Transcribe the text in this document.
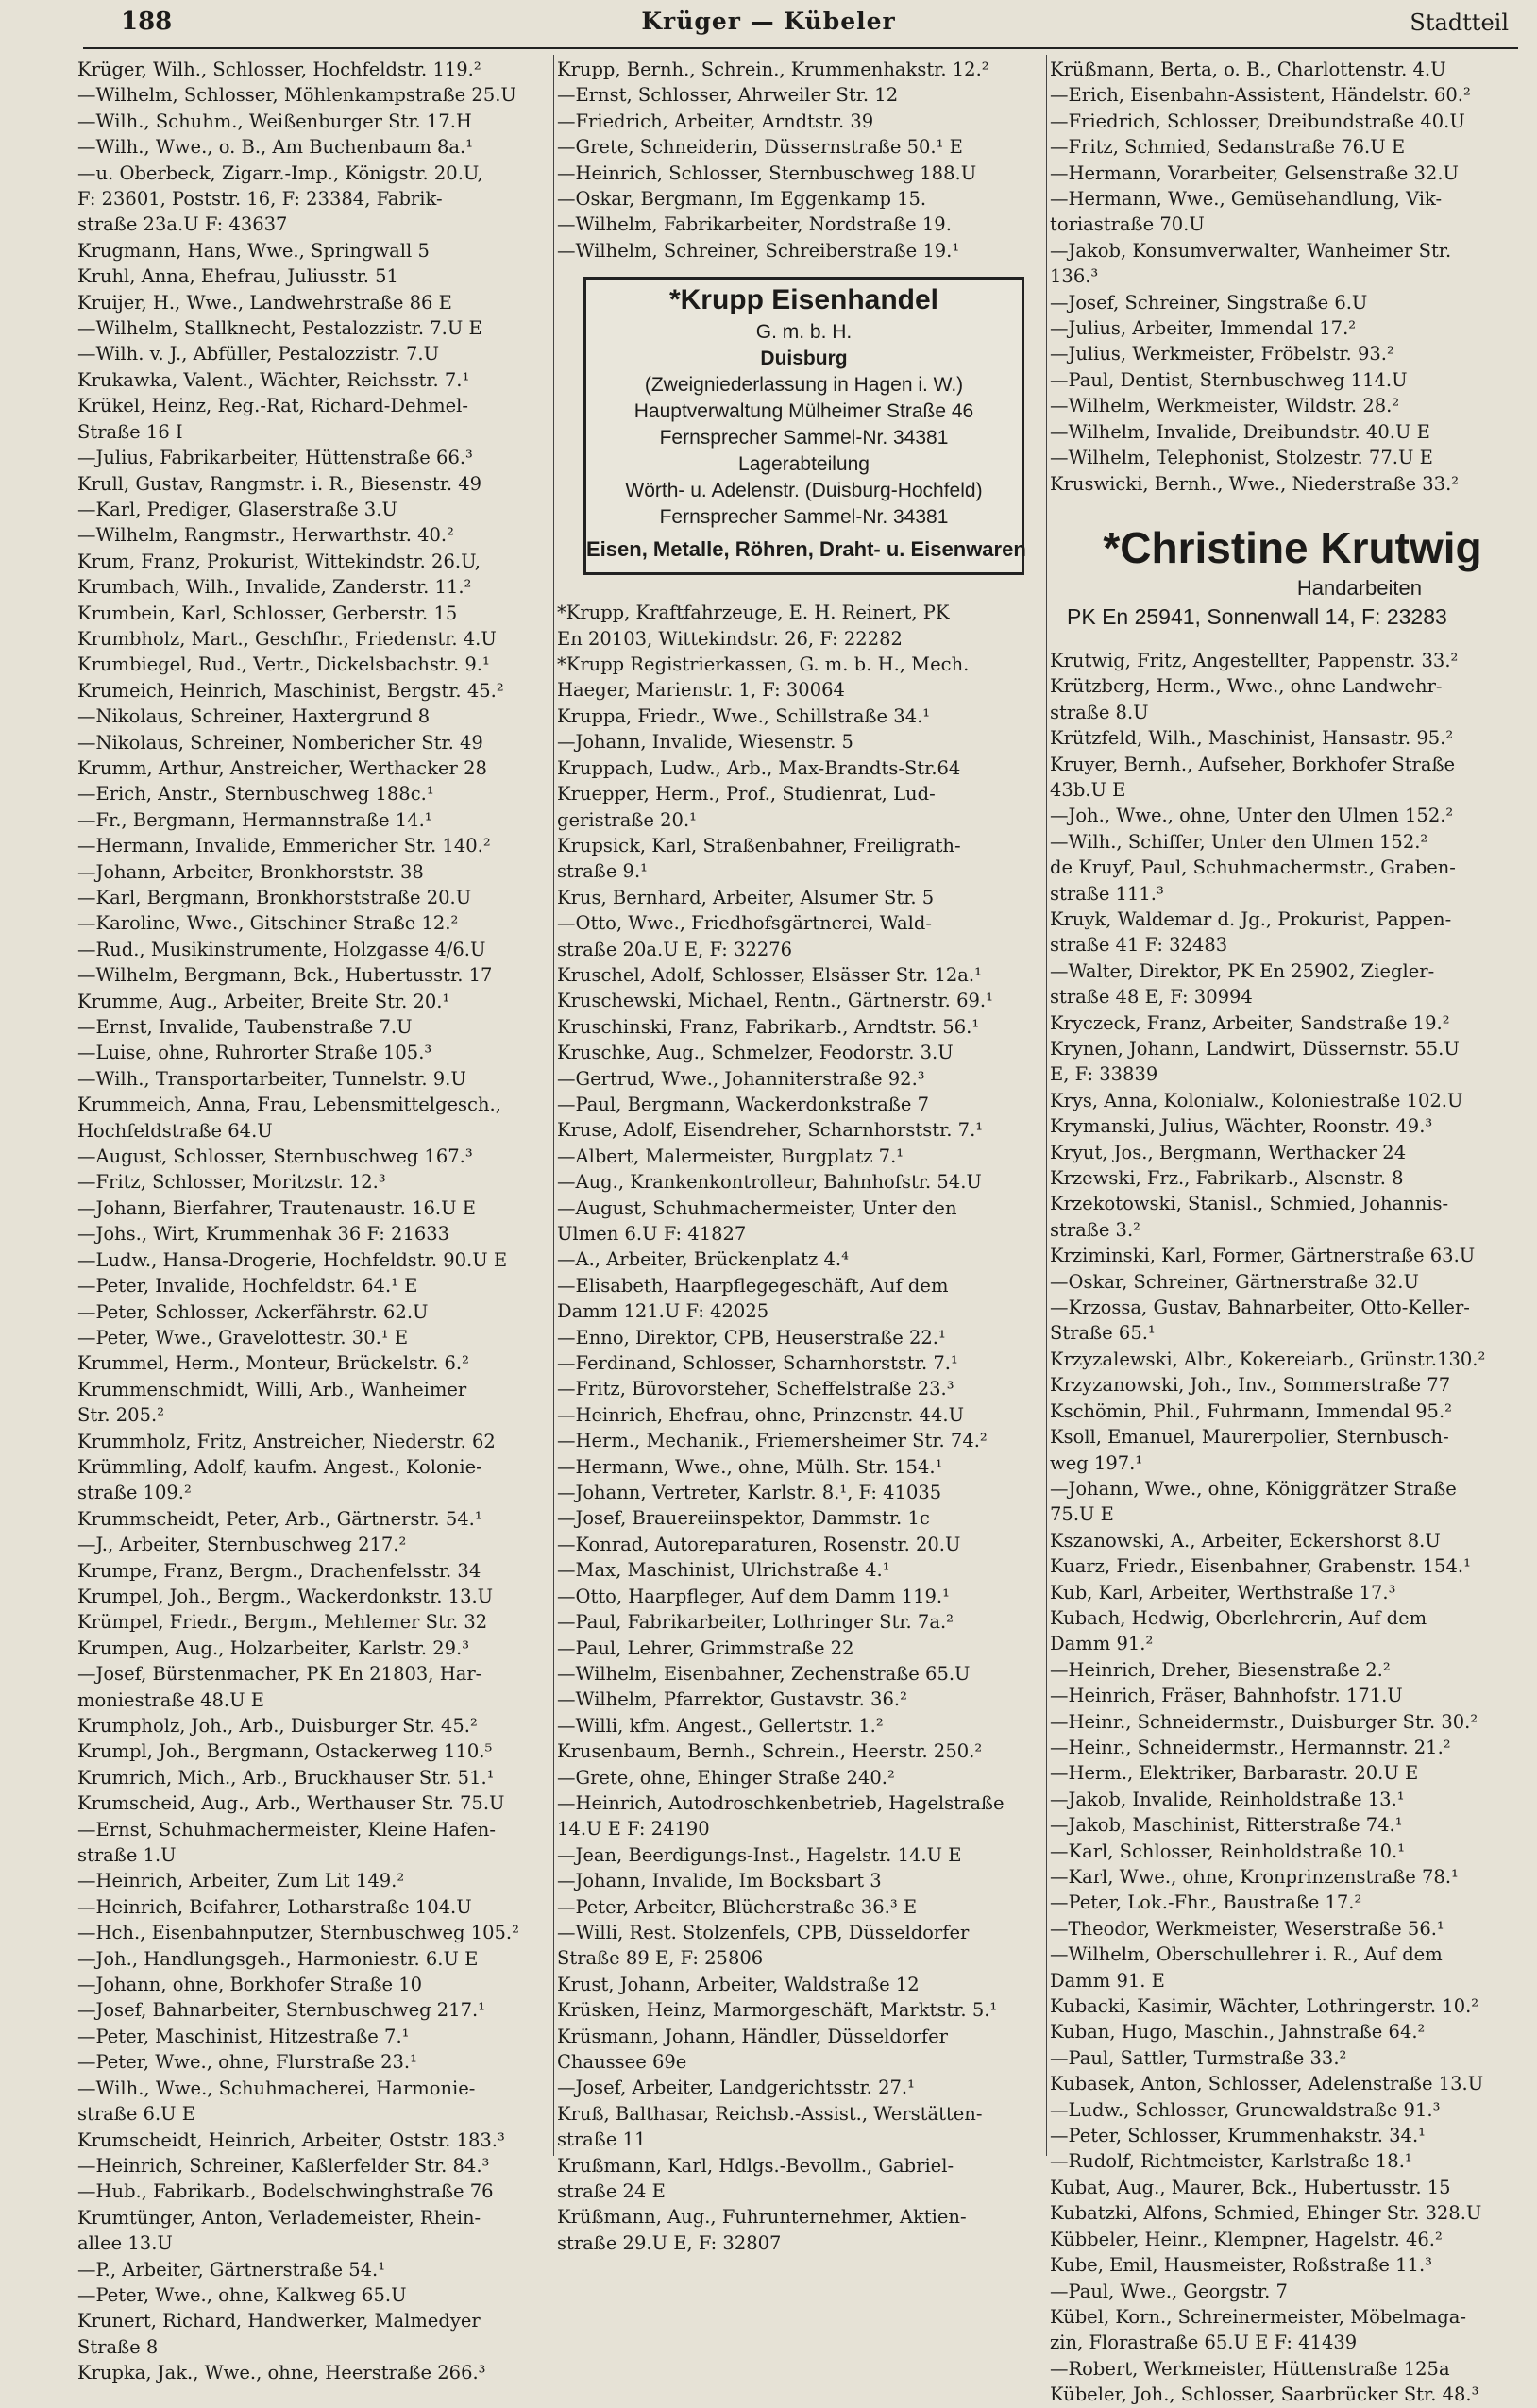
188	Krüger — Kübeler	Stadtteil
Krüger, Wilh., Schlosser, Hochfeldstr. 119.²
—Wilhelm, Schlosser, Möhlenkampstraße 25.U
—Wilh., Schuhm., Weißenburger Str. 17.H
—Wilh., Wwe., o. B., Am Buchenbaum 8a.¹
—u. Oberbeck, Zigarr.-Imp., Königstr. 20.U,
F: 23601, Poststr. 16, F: 23384, Fabrik-
straße 23a.U F: 43637
Krugmann, Hans, Wwe., Springwall 5
Kruhl, Anna, Ehefrau, Juliusstr. 51
Kruijer, H., Wwe., Landwehrstraße 86 E
—Wilhelm, Stallknecht, Pestalozzistr. 7.U E
—Wilh. v. J., Abfüller, Pestalozzistr. 7.U
Krukawka, Valent., Wächter, Reichsstr. 7.¹
Krükel, Heinz, Reg.-Rat, Richard-Dehmel-
Straße 16 I
—Julius, Fabrikarbeiter, Hüttenstraße 66.³
Krull, Gustav, Rangmstr. i. R., Biesenstr. 49
—Karl, Prediger, Glaserstraße 3.U
—Wilhelm, Rangmstr., Herwarthstr. 40.²
Krum, Franz, Prokurist, Wittekindstr. 26.U,
Krumbach, Wilh., Invalide, Zanderstr. 11.²
Krumbein, Karl, Schlosser, Gerberstr. 15
Krumbholz, Mart., Geschfhr., Friedenstr. 4.U
Krumbiegel, Rud., Vertr., Dickelsbachstr. 9.¹
Krumeich, Heinrich, Maschinist, Bergstr. 45.²
—Nikolaus, Schreiner, Haxtergrund 8
—Nikolaus, Schreiner, Nombericher Str. 49
Krumm, Arthur, Anstreicher, Werthacker 28
—Erich, Anstr., Sternbuschweg 188c.¹
—Fr., Bergmann, Hermannstraße 14.¹
—Hermann, Invalide, Emmericher Str. 140.²
—Johann, Arbeiter, Bronkhorststr. 38
—Karl, Bergmann, Bronkhorststraße 20.U
—Karoline, Wwe., Gitschiner Straße 12.²
—Rud., Musikinstrumente, Holzgasse 4/6.U
—Wilhelm, Bergmann, Bck., Hubertusstr. 17
Krumme, Aug., Arbeiter, Breite Str. 20.¹
—Ernst, Invalide, Taubenstraße 7.U
—Luise, ohne, Ruhrorter Straße 105.³
—Wilh., Transportarbeiter, Tunnelstr. 9.U
Krummeich, Anna, Frau, Lebensmittelgesch.,
Hochfeldstraße 64.U
—August, Schlosser, Sternbuschweg 167.³
—Fritz, Schlosser, Moritzstr. 12.³
—Johann, Bierfahrer, Trautenaustr. 16.U E
—Johs., Wirt, Krummenhak 36 F: 21633
—Ludw., Hansa-Drogerie, Hochfeldstr. 90.U E
—Peter, Invalide, Hochfeldstr. 64.¹ E
—Peter, Schlosser, Ackerfährstr. 62.U
—Peter, Wwe., Gravelottestr. 30.¹ E
Krummel, Herm., Monteur, Brückelstr. 6.²
Krummenschmidt, Willi, Arb., Wanheimer
Str. 205.²
Krummholz, Fritz, Anstreicher, Niederstr. 62
Krümmling, Adolf, kaufm. Angest., Kolonie-
straße 109.²
Krummscheidt, Peter, Arb., Gärtnerstr. 54.¹
—J., Arbeiter, Sternbuschweg 217.²
Krumpe, Franz, Bergm., Drachenfelsstr. 34
Krumpel, Joh., Bergm., Wackerdonkstr. 13.U
Krümpel, Friedr., Bergm., Mehlemer Str. 32
Krumpen, Aug., Holzarbeiter, Karlstr. 29.³
—Josef, Bürstenmacher, PK En 21803, Har-
moniestraße 48.U E
Krumpholz, Joh., Arb., Duisburger Str. 45.²
Krumpl, Joh., Bergmann, Ostackerweg 110.⁵
Krumrich, Mich., Arb., Bruckhauser Str. 51.¹
Krumscheid, Aug., Arb., Werthauser Str. 75.U
—Ernst, Schuhmachermeister, Kleine Hafen-
straße 1.U
—Heinrich, Arbeiter, Zum Lit 149.²
—Heinrich, Beifahrer, Lotharstraße 104.U
—Hch., Eisenbahnputzer, Sternbuschweg 105.²
—Joh., Handlungsgeh., Harmoniestr. 6.U E
—Johann, ohne, Borkhofer Straße 10
—Josef, Bahnarbeiter, Sternbuschweg 217.¹
—Peter, Maschinist, Hitzestraße 7.¹
—Peter, Wwe., ohne, Flurstraße 23.¹
—Wilh., Wwe., Schuhmacherei, Harmonie-
straße 6.U E
Krumscheidt, Heinrich, Arbeiter, Oststr. 183.³
—Heinrich, Schreiner, Kaßlerfelder Str. 84.³
—Hub., Fabrikarb., Bodelschwinghstraße 76
Krumtünger, Anton, Verlademeister, Rhein-
allee 13.U
—P., Arbeiter, Gärtnerstraße 54.¹
—Peter, Wwe., ohne, Kalkweg 65.U
Krunert, Richard, Handwerker, Malmedyer
Straße 8
Krupka, Jak., Wwe., ohne, Heerstraße 266.³
Krupp, Bernh., Schrein., Krummenhakstr. 12.²
—Ernst, Schlosser, Ahrweiler Str. 12
—Friedrich, Arbeiter, Arndtstr. 39
—Grete, Schneiderin, Düssernstraße 50.¹ E
—Heinrich, Schlosser, Sternbuschweg 188.U
—Oskar, Bergmann, Im Eggenkamp 15.
—Wilhelm, Fabrikarbeiter, Nordstraße 19.
—Wilhelm, Schreiner, Schreiberstraße 19.¹
*Krupp Eisenhandel
G. m. b. H.
Duisburg
(Zweigniederlassung in Hagen i. W.)
Hauptverwaltung Mülheimer Straße 46
Fernsprecher Sammel-Nr. 34381
Lagerabteilung
Wörth- u. Adelenstr. (Duisburg-Hochfeld)
Fernsprecher Sammel-Nr. 34381
Eisen, Metalle, Röhren, Draht- u. Eisenwaren
*Krupp, Kraftfahrzeuge, E. H. Reinert, PK
En 20103, Wittekindstr. 26, F: 22282
*Krupp Registrierkassen, G. m. b. H., Mech.
Haeger, Marienstr. 1, F: 30064
Kruppa, Friedr., Wwe., Schillstraße 34.¹
—Johann, Invalide, Wiesenstr. 5
Kruppach, Ludw., Arb., Max-Brandts-Str.64
Kruepper, Herm., Prof., Studienrat, Lud-
geristraße 20.¹
Krupsick, Karl, Straßenbahner, Freiligrath-
straße 9.¹
Krus, Bernhard, Arbeiter, Alsumer Str. 5
—Otto, Wwe., Friedhofsgärtnerei, Wald-
straße 20a.U E, F: 32276
Kruschel, Adolf, Schlosser, Elsässer Str. 12a.¹
Kruschewski, Michael, Rentn., Gärtnerstr. 69.¹
Kruschinski, Franz, Fabrikarb., Arndtstr. 56.¹
Kruschke, Aug., Schmelzer, Feodorstr. 3.U
—Gertrud, Wwe., Johanniterstraße 92.³
—Paul, Bergmann, Wackerdonkstraße 7
Kruse, Adolf, Eisendreher, Scharnhorststr. 7.¹
—Albert, Malermeister, Burgplatz 7.¹
—Aug., Krankenkontrolleur, Bahnhofstr. 54.U
—August, Schuhmachermeister, Unter den
Ulmen 6.U F: 41827
—A., Arbeiter, Brückenplatz 4.⁴
—Elisabeth, Haarpflegegeschäft, Auf dem
Damm 121.U F: 42025
—Enno, Direktor, CPB, Heuserstraße 22.¹
—Ferdinand, Schlosser, Scharnhorststr. 7.¹
—Fritz, Bürovorsteher, Scheffelstraße 23.³
—Heinrich, Ehefrau, ohne, Prinzenstr. 44.U
—Herm., Mechanik., Friemersheimer Str. 74.²
—Hermann, Wwe., ohne, Mülh. Str. 154.¹
—Johann, Vertreter, Karlstr. 8.¹, F: 41035
—Josef, Brauereiinspektor, Dammstr. 1c
—Konrad, Autoreparaturen, Rosenstr. 20.U
—Max, Maschinist, Ulrichstraße 4.¹
—Otto, Haarpfleger, Auf dem Damm 119.¹
—Paul, Fabrikarbeiter, Lothringer Str. 7a.²
—Paul, Lehrer, Grimmstraße 22
—Wilhelm, Eisenbahner, Zechenstraße 65.U
—Wilhelm, Pfarrektor, Gustavstr. 36.²
—Willi, kfm. Angest., Gellertstr. 1.²
Krusenbaum, Bernh., Schrein., Heerstr. 250.²
—Grete, ohne, Ehinger Straße 240.²
—Heinrich, Autodroschkenbetrieb, Hagelstraße
14.U E F: 24190
—Jean, Beerdigungs-Inst., Hagelstr. 14.U E
—Johann, Invalide, Im Bocksbart 3
—Peter, Arbeiter, Blücherstraße 36.³ E
—Willi, Rest. Stolzenfels, CPB, Düsseldorfer
Straße 89 E, F: 25806
Krust, Johann, Arbeiter, Waldstraße 12
Krüsken, Heinz, Marmorgeschäft, Marktstr. 5.¹
Krüsmann, Johann, Händler, Düsseldorfer
Chaussee 69e
—Josef, Arbeiter, Landgerichtsstr. 27.¹
Kruß, Balthasar, Reichsb.-Assist., Werstätten-
straße 11
Krußmann, Karl, Hdlgs.-Bevollm., Gabriel-
straße 24 E
Krüßmann, Aug., Fuhrunternehmer, Aktien-
straße 29.U E, F: 32807
Krüßmann, Berta, o. B., Charlottenstr. 4.U
—Erich, Eisenbahn-Assistent, Händelstr. 60.²
—Friedrich, Schlosser, Dreibundstraße 40.U
—Fritz, Schmied, Sedanstraße 76.U E
—Hermann, Vorarbeiter, Gelsenstraße 32.U
—Hermann, Wwe., Gemüsehandlung, Vik-
toriastraße 70.U
—Jakob, Konsumverwalter, Wanheimer Str.
136.³
—Josef, Schreiner, Singstraße 6.U
—Julius, Arbeiter, Immendal 17.²
—Julius, Werkmeister, Fröbelstr. 93.²
—Paul, Dentist, Sternbuschweg 114.U
—Wilhelm, Werkmeister, Wildstr. 28.²
—Wilhelm, Invalide, Dreibundstr. 40.U E
—Wilhelm, Telephonist, Stolzestr. 77.U E
Kruswicki, Bernh., Wwe., Niederstraße 33.²
*Christine Krutwig
Handarbeiten
PK En 25941, Sonnenwall 14, F: 23283
Krutwig, Fritz, Angestellter, Pappenstr. 33.²
Krützberg, Herm., Wwe., ohne Landwehr-
straße 8.U
Krützfeld, Wilh., Maschinist, Hansastr. 95.²
Kruyer, Bernh., Aufseher, Borkhofer Straße
43b.U E
—Joh., Wwe., ohne, Unter den Ulmen 152.²
—Wilh., Schiffer, Unter den Ulmen 152.²
de Kruyf, Paul, Schuhmachermstr., Graben-
straße 111.³
Kruyk, Waldemar d. Jg., Prokurist, Pappen-
straße 41 F: 32483
—Walter, Direktor, PK En 25902, Ziegler-
straße 48 E, F: 30994
Kryczeck, Franz, Arbeiter, Sandstraße 19.²
Krynen, Johann, Landwirt, Düssernstr. 55.U
E, F: 33839
Krys, Anna, Kolonialw., Koloniestraße 102.U
Krymanski, Julius, Wächter, Roonstr. 49.³
Kryut, Jos., Bergmann, Werthacker 24
Krzewski, Frz., Fabrikarb., Alsenstr. 8
Krzekotowski, Stanisl., Schmied, Johannis-
straße 3.²
Krziminski, Karl, Former, Gärtnerstraße 63.U
—Oskar, Schreiner, Gärtnerstraße 32.U
—Krzossa, Gustav, Bahnarbeiter, Otto-Keller-
Straße 65.¹
Krzyzalewski, Albr., Kokereiarb., Grünstr.130.²
Krzyzanowski, Joh., Inv., Sommerstraße 77
Kschömin, Phil., Fuhrmann, Immendal 95.²
Ksoll, Emanuel, Maurerpolier, Sternbusch-
weg 197.¹
—Johann, Wwe., ohne, Königgrätzer Straße
75.U E
Kszanowski, A., Arbeiter, Eckershorst 8.U
Kuarz, Friedr., Eisenbahner, Grabenstr. 154.¹
Kub, Karl, Arbeiter, Werthstraße 17.³
Kubach, Hedwig, Oberlehrerin, Auf dem
Damm 91.²
—Heinrich, Dreher, Biesenstraße 2.²
—Heinrich, Fräser, Bahnhofstr. 171.U
—Heinr., Schneidermstr., Duisburger Str. 30.²
—Heinr., Schneidermstr., Hermannstr. 21.²
—Herm., Elektriker, Barbarastr. 20.U E
—Jakob, Invalide, Reinholdstraße 13.¹
—Jakob, Maschinist, Ritterstraße 74.¹
—Karl, Schlosser, Reinholdstraße 10.¹
—Karl, Wwe., ohne, Kronprinzenstraße 78.¹
—Peter, Lok.-Fhr., Baustraße 17.²
—Theodor, Werkmeister, Weserstraße 56.¹
—Wilhelm, Oberschullehrer i. R., Auf dem
Damm 91. E
Kubacki, Kasimir, Wächter, Lothringerstr. 10.²
Kuban, Hugo, Maschin., Jahnstraße 64.²
—Paul, Sattler, Turmstraße 33.²
Kubasek, Anton, Schlosser, Adelenstraße 13.U
—Ludw., Schlosser, Grunewaldstraße 91.³
—Peter, Schlosser, Krummenhakstr. 34.¹
—Rudolf, Richtmeister, Karlstraße 18.¹
Kubat, Aug., Maurer, Bck., Hubertusstr. 15
Kubatzki, Alfons, Schmied, Ehinger Str. 328.U
Kübbeler, Heinr., Klempner, Hagelstr. 46.²
Kube, Emil, Hausmeister, Roßstraße 11.³
—Paul, Wwe., Georgstr. 7
Kübel, Korn., Schreinermeister, Möbelmaga-
zin, Florastraße 65.U E F: 41439
—Robert, Werkmeister, Hüttenstraße 125a
Kübeler, Joh., Schlosser, Saarbrücker Str. 48.³
